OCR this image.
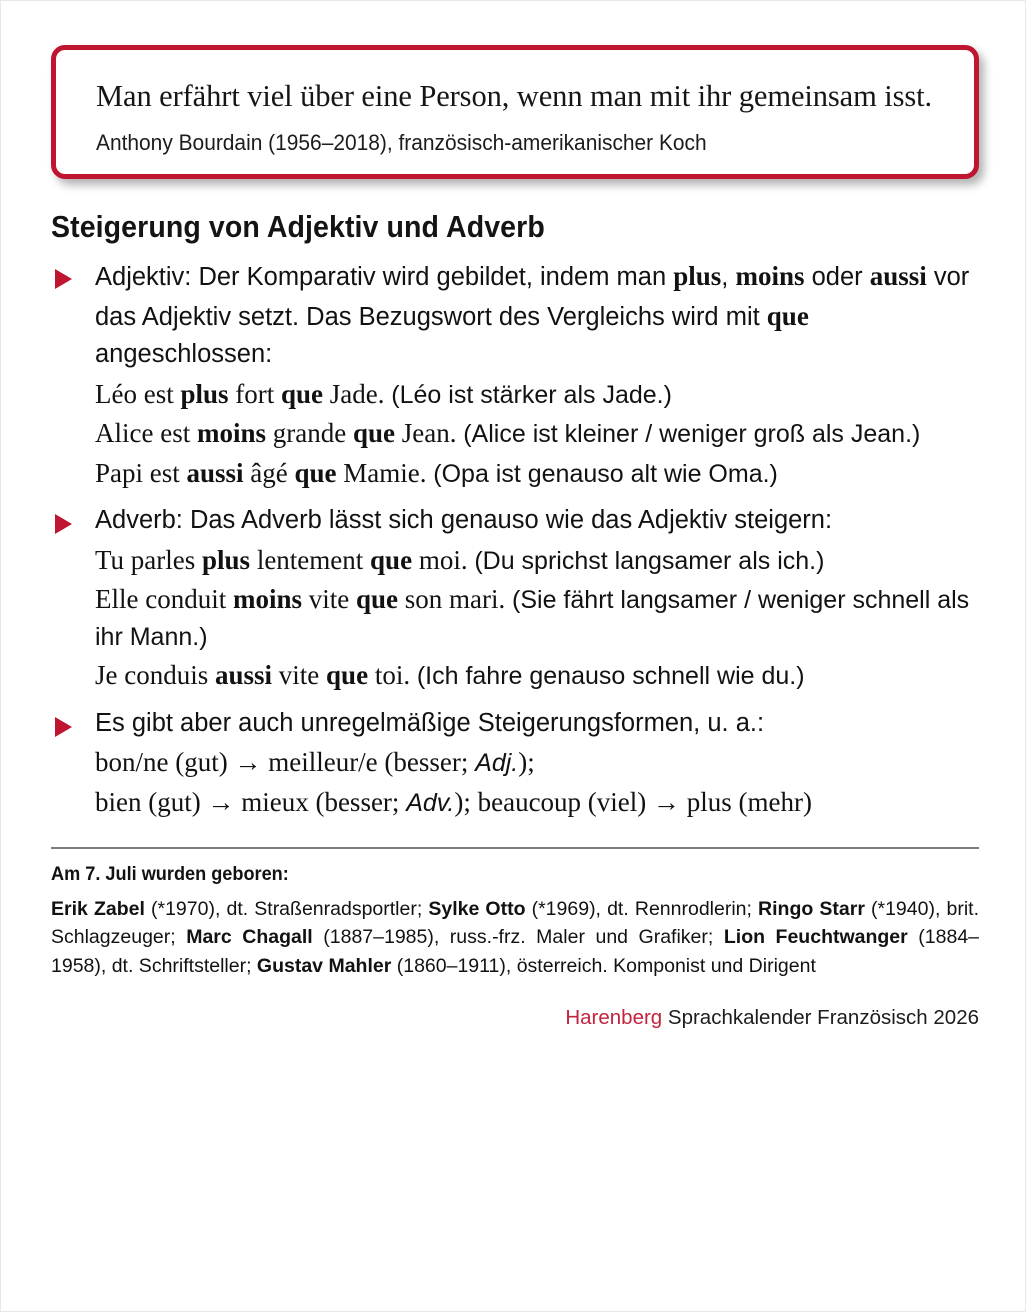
Man erfährt viel über eine Person, wenn man mit ihr gemeinsam isst.
Anthony Bourdain (1956–2018), französisch-amerikanischer Koch
Steigerung von Adjektiv und Adverb
Adjektiv: Der Komparativ wird gebildet, indem man plus, moins oder aussi vor das Adjektiv setzt. Das Bezugswort des Vergleichs wird mit que angeschlossen:
Léo est plus fort que Jade. (Léo ist stärker als Jade.)
Alice est moins grande que Jean. (Alice ist kleiner / weniger groß als Jean.)
Papi est aussi âgé que Mamie. (Opa ist genauso alt wie Oma.)
Adverb: Das Adverb lässt sich genauso wie das Adjektiv steigern:
Tu parles plus lentement que moi. (Du sprichst langsamer als ich.)
Elle conduit moins vite que son mari. (Sie fährt langsamer / weniger schnell als ihr Mann.)
Je conduis aussi vite que toi. (Ich fahre genauso schnell wie du.)
Es gibt aber auch unregelmäßige Steigerungsformen, u. a.:
bon/ne (gut) → meilleur/e (besser; Adj.);
bien (gut) → mieux (besser; Adv.); beaucoup (viel) → plus (mehr)
Am 7. Juli wurden geboren:
Erik Zabel (*1970), dt. Straßenradsportler; Sylke Otto (*1969), dt. Rennrodlerin; Ringo Starr (*1940), brit. Schlagzeuger; Marc Chagall (1887–1985), russ.-frz. Maler und Grafiker; Lion Feuchtwanger (1884–1958), dt. Schriftsteller; Gustav Mahler (1860–1911), österreich. Komponist und Dirigent
Harenberg Sprachkalender Französisch 2026
